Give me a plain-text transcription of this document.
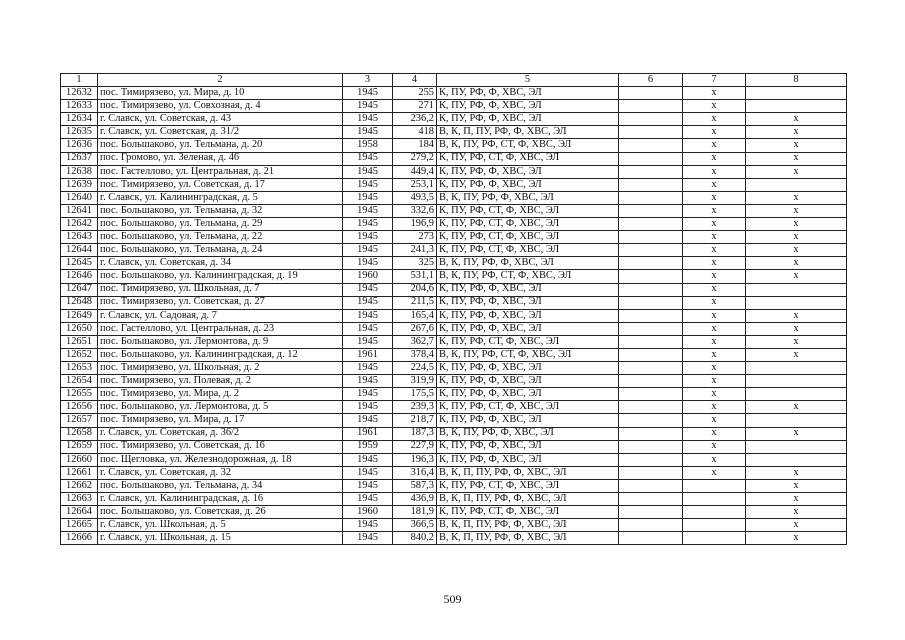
1	2	3	4	5	6	7	8
12632	пос. Тимирязево, ул. Мира, д. 10	1945	255	К, ПУ, РФ, Ф, ХВС, ЭЛ		х	
12633	пос. Тимирязево, ул. Совхозная, д. 4	1945	271	К, ПУ, РФ, Ф, ХВС, ЭЛ		х	
12634	г. Славск, ул. Советская, д. 43	1945	236,2	К, ПУ, РФ, Ф, ХВС, ЭЛ		х	х
12635	г. Славск, ул. Советская, д. 31/2	1945	418	В, К, П, ПУ, РФ, Ф, ХВС, ЭЛ		х	х
12636	пос. Большаково, ул. Тельмана, д. 20	1958	184	В, К, ПУ, РФ, СТ, Ф, ХВС, ЭЛ		х	х
12637	пос. Громово, ул. Зеленая, д. 46	1945	279,2	К, ПУ, РФ, СТ, Ф, ХВС, ЭЛ		х	х
12638	пос. Гастеллово, ул. Центральная, д. 21	1945	449,4	К, ПУ, РФ, Ф, ХВС, ЭЛ		х	х
12639	пос. Тимирязево, ул. Советская, д. 17	1945	253,1	К, ПУ, РФ, Ф, ХВС, ЭЛ		х	
12640	г. Славск, ул. Калининградская, д. 5	1945	493,5	В, К, ПУ, РФ, Ф, ХВС, ЭЛ		х	х
12641	пос. Большаково, ул. Тельмана, д. 32	1945	332,6	К, ПУ, РФ, СТ, Ф, ХВС, ЭЛ		х	х
12642	пос. Большаково, ул. Тельмана, д. 29	1945	196,9	К, ПУ, РФ, СТ, Ф, ХВС, ЭЛ		х	х
12643	пос. Большаково, ул. Тельмана, д. 22	1945	273	К, ПУ, РФ, СТ, Ф, ХВС, ЭЛ		х	х
12644	пос. Большаково, ул. Тельмана, д. 24	1945	241,3	К, ПУ, РФ, СТ, Ф, ХВС, ЭЛ		х	х
12645	г. Славск, ул. Советская, д. 34	1945	325	В, К, ПУ, РФ, Ф, ХВС, ЭЛ		х	х
12646	пос. Большаково, ул. Калининградская, д. 19	1960	531,1	В, К, ПУ, РФ, СТ, Ф, ХВС, ЭЛ		х	х
12647	пос. Тимирязево, ул. Школьная, д. 7	1945	204,6	К, ПУ, РФ, Ф, ХВС, ЭЛ		х	
12648	пос. Тимирязево, ул. Советская, д. 27	1945	211,5	К, ПУ, РФ, Ф, ХВС, ЭЛ		х	
12649	г. Славск, ул. Садовая, д. 7	1945	165,4	К, ПУ, РФ, Ф, ХВС, ЭЛ		х	х
12650	пос. Гастеллово, ул. Центральная, д. 23	1945	267,6	К, ПУ, РФ, Ф, ХВС, ЭЛ		х	х
12651	пос. Большаково, ул. Лермонтова, д. 9	1945	362,7	К, ПУ, РФ, СТ, Ф, ХВС, ЭЛ		х	х
12652	пос. Большаково, ул. Калининградская, д. 12	1961	378,4	В, К, ПУ, РФ, СТ, Ф, ХВС, ЭЛ		х	х
12653	пос. Тимирязево, ул. Школьная, д. 2	1945	224,5	К, ПУ, РФ, Ф, ХВС, ЭЛ		х	
12654	пос. Тимирязево, ул. Полевая, д. 2	1945	319,9	К, ПУ, РФ, Ф, ХВС, ЭЛ		х	
12655	пос. Тимирязево, ул. Мира, д. 2	1945	175,5	К, ПУ, РФ, Ф, ХВС, ЭЛ		х	
12656	пос. Большаково, ул. Лермонтова, д. 5	1945	239,3	К, ПУ, РФ, СТ, Ф, ХВС, ЭЛ		х	х
12657	пос. Тимирязево, ул. Мира, д. 17	1945	218,7	К, ПУ, РФ, Ф, ХВС, ЭЛ		х	
12658	г. Славск, ул. Советская, д. 36/2	1961	187,3	В, К, ПУ, РФ, Ф, ХВС, ЭЛ		х	х
12659	пос. Тимирязево, ул. Советская, д. 16	1959	227,9	К, ПУ, РФ, Ф, ХВС, ЭЛ		х	
12660	пос. Щегловка, ул. Железнодорожная, д. 18	1945	196,3	К, ПУ, РФ, Ф, ХВС, ЭЛ		х	
12661	г. Славск, ул. Советская, д. 32	1945	316,4	В, К, П, ПУ, РФ, Ф, ХВС, ЭЛ		х	х
12662	пос. Большаково, ул. Тельмана, д. 34	1945	587,3	К, ПУ, РФ, СТ, Ф, ХВС, ЭЛ			х
12663	г. Славск, ул. Калининградская, д. 16	1945	436,9	В, К, П, ПУ, РФ, Ф, ХВС, ЭЛ			х
12664	пос. Большаково, ул. Советская, д. 26	1960	181,9	К, ПУ, РФ, СТ, Ф, ХВС, ЭЛ			х
12665	г. Славск, ул. Школьная, д. 5	1945	366,5	В, К, П, ПУ, РФ, Ф, ХВС, ЭЛ			х
12666	г. Славск, ул. Школьная, д. 15	1945	840,2	В, К, П, ПУ, РФ, Ф, ХВС, ЭЛ			х
509
